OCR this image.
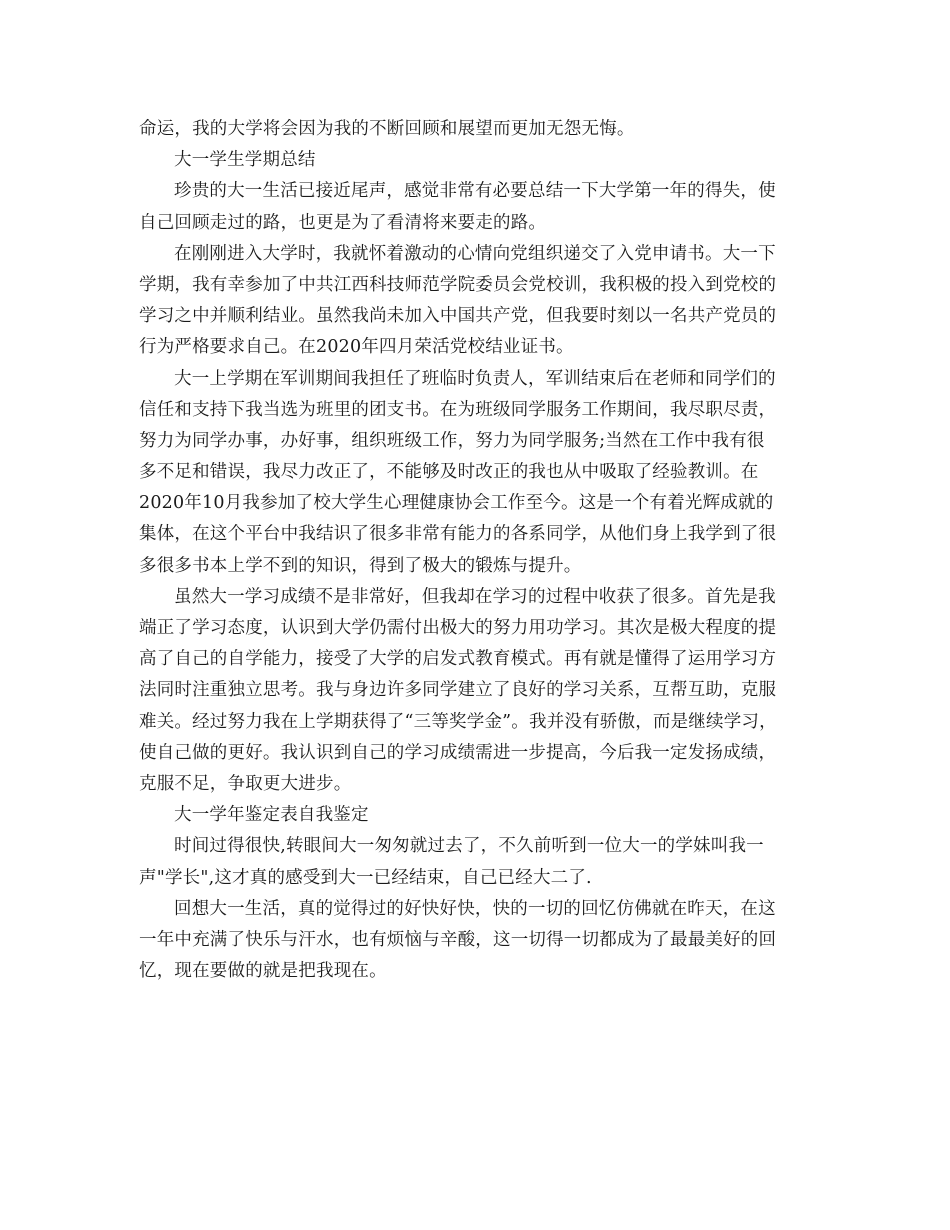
命运，我的大学将会因为我的不断回顾和展望而更加无怨无悔。
大一学生学期总结
珍贵的大一生活已接近尾声，感觉非常有必要总结一下大学第一年的得失，使
自己回顾走过的路，也更是为了看清将来要走的路。
在刚刚进入大学时，我就怀着激动的心情向党组织递交了入党申请书。大一下
学期，我有幸参加了中共江西科技师范学院委员会党校训，我积极的投入到党校的
学习之中并顺利结业。虽然我尚未加入中国共产党，但我要时刻以一名共产党员的
行为严格要求自己。在2020年四月荣活党校结业证书。
大一上学期在军训期间我担任了班临时负责人，军训结束后在老师和同学们的
信任和支持下我当选为班里的团支书。在为班级同学服务工作期间，我尽职尽责，
努力为同学办事，办好事，组织班级工作，努力为同学服务;当然在工作中我有很
多不足和错误，我尽力改正了，不能够及时改正的我也从中吸取了经验教训。在
2020年10月我参加了校大学生心理健康协会工作至今。这是一个有着光辉成就的
集体，在这个平台中我结识了很多非常有能力的各系同学，从他们身上我学到了很
多很多书本上学不到的知识，得到了极大的锻炼与提升。
虽然大一学习成绩不是非常好，但我却在学习的过程中收获了很多。首先是我
端正了学习态度，认识到大学仍需付出极大的努力用功学习。其次是极大程度的提
高了自己的自学能力，接受了大学的启发式教育模式。再有就是懂得了运用学习方
法同时注重独立思考。我与身边许多同学建立了良好的学习关系，互帮互助，克服
难关。经过努力我在上学期获得了“三等奖学金”。我并没有骄傲，而是继续学习，
使自己做的更好。我认识到自己的学习成绩需进一步提高，今后我一定发扬成绩，
克服不足，争取更大进步。
大一学年鉴定表自我鉴定
时间过得很快,转眼间大一匆匆就过去了，不久前听到一位大一的学妹叫我一
声"学长",这才真的感受到大一已经结束，自己已经大二了.
回想大一生活，真的觉得过的好快好快，快的一切的回忆仿佛就在昨天，在这
一年中充满了快乐与汗水，也有烦恼与辛酸，这一切得一切都成为了最最美好的回
忆，现在要做的就是把我现在。
